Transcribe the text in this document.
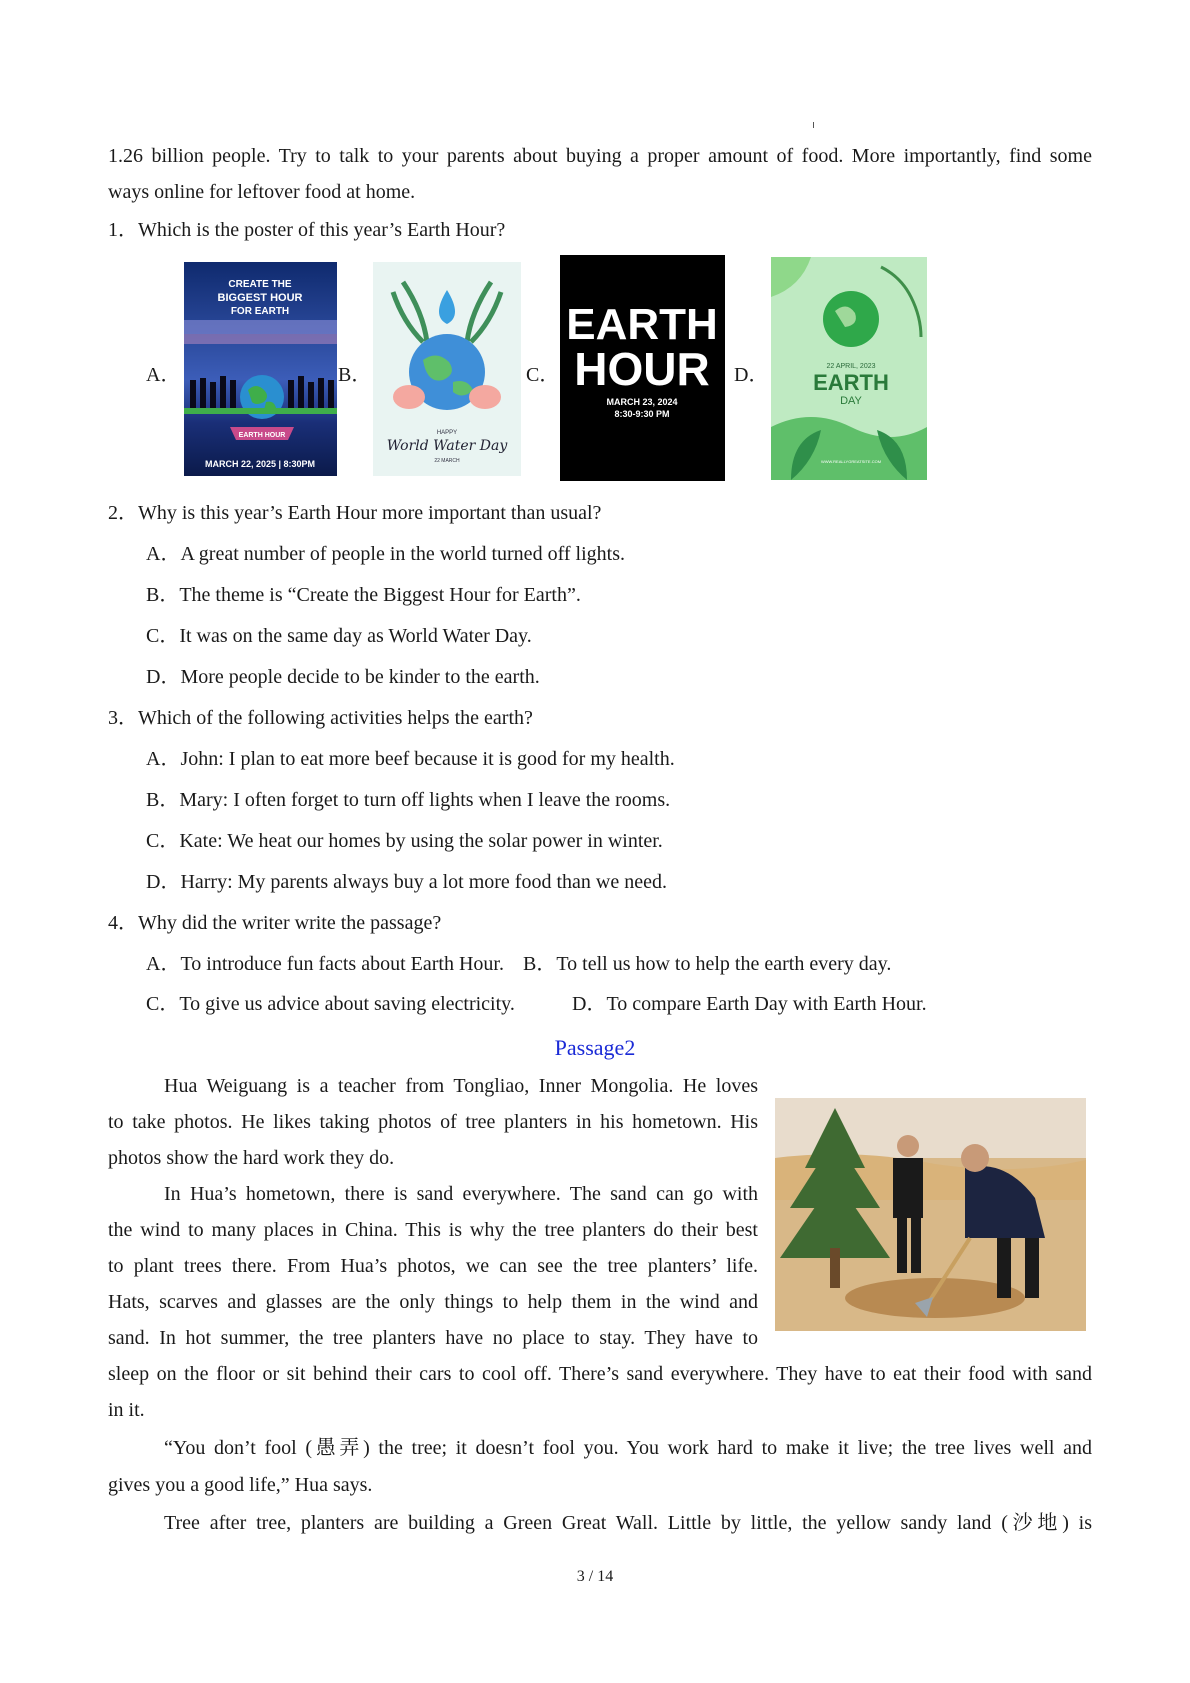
1.26 billion people. Try to talk to your parents about buying a proper amount of food. More importantly, find some
ways online for leftover food at home.
1．Which is the poster of this year’s Earth Hour?
A．	B．	C．	D．
EARTH HOUR
CREATE THE
BIGGEST HOUR
FOR EARTH
MARCH 22, 2025 | 8:30PM
HAPPY
World Water Day
22 MARCH
EARTH
HOUR
MARCH 23, 2024
8:30-9:30 PM
22 APRIL, 2023
EARTH
DAY
WWW.REALLYGREATSITE.COM
2．Why is this year’s Earth Hour more important than usual?
A．A great number of people in the world turned off lights.
B．The theme is “Create the Biggest Hour for Earth”.
C．It was on the same day as World Water Day.
D．More people decide to be kinder to the earth.
3．Which of the following activities helps the earth?
A．John: I plan to eat more beef because it is good for my health.
B．Mary: I often forget to turn off lights when I leave the rooms.
C．Kate: We heat our homes by using the solar power in winter.
D．Harry: My parents always buy a lot more food than we need.
4．Why did the writer write the passage?
A．To introduce fun facts about Earth Hour. B．To tell us how to help the earth every day.
C．To give us advice about saving electricity.	D．To compare Earth Day with Earth Hour.
Passage2
Hua Weiguang is a teacher from Tongliao, Inner Mongolia. He loves
to take photos. He likes taking photos of tree planters in his hometown. His
photos show the hard work they do.
In Hua’s hometown, there is sand everywhere. The sand can go with
the wind to many places in China. This is why the tree planters do their best
to plant trees there. From Hua’s photos, we can see the tree planters’ life.
Hats, scarves and glasses are the only things to help them in the wind and
sand. In hot summer, the tree planters have no place to stay. They have to
sleep on the floor or sit behind their cars to cool off. There’s sand everywhere. They have to eat their food with sand
in it.
“You don’t fool (愚弄) the tree; it doesn’t fool you. You work hard to make it live; the tree lives well and
gives you a good life,” Hua says.
Tree after tree, planters are building a Green Great Wall. Little by little, the yellow sandy land (沙地) is
3 / 14
